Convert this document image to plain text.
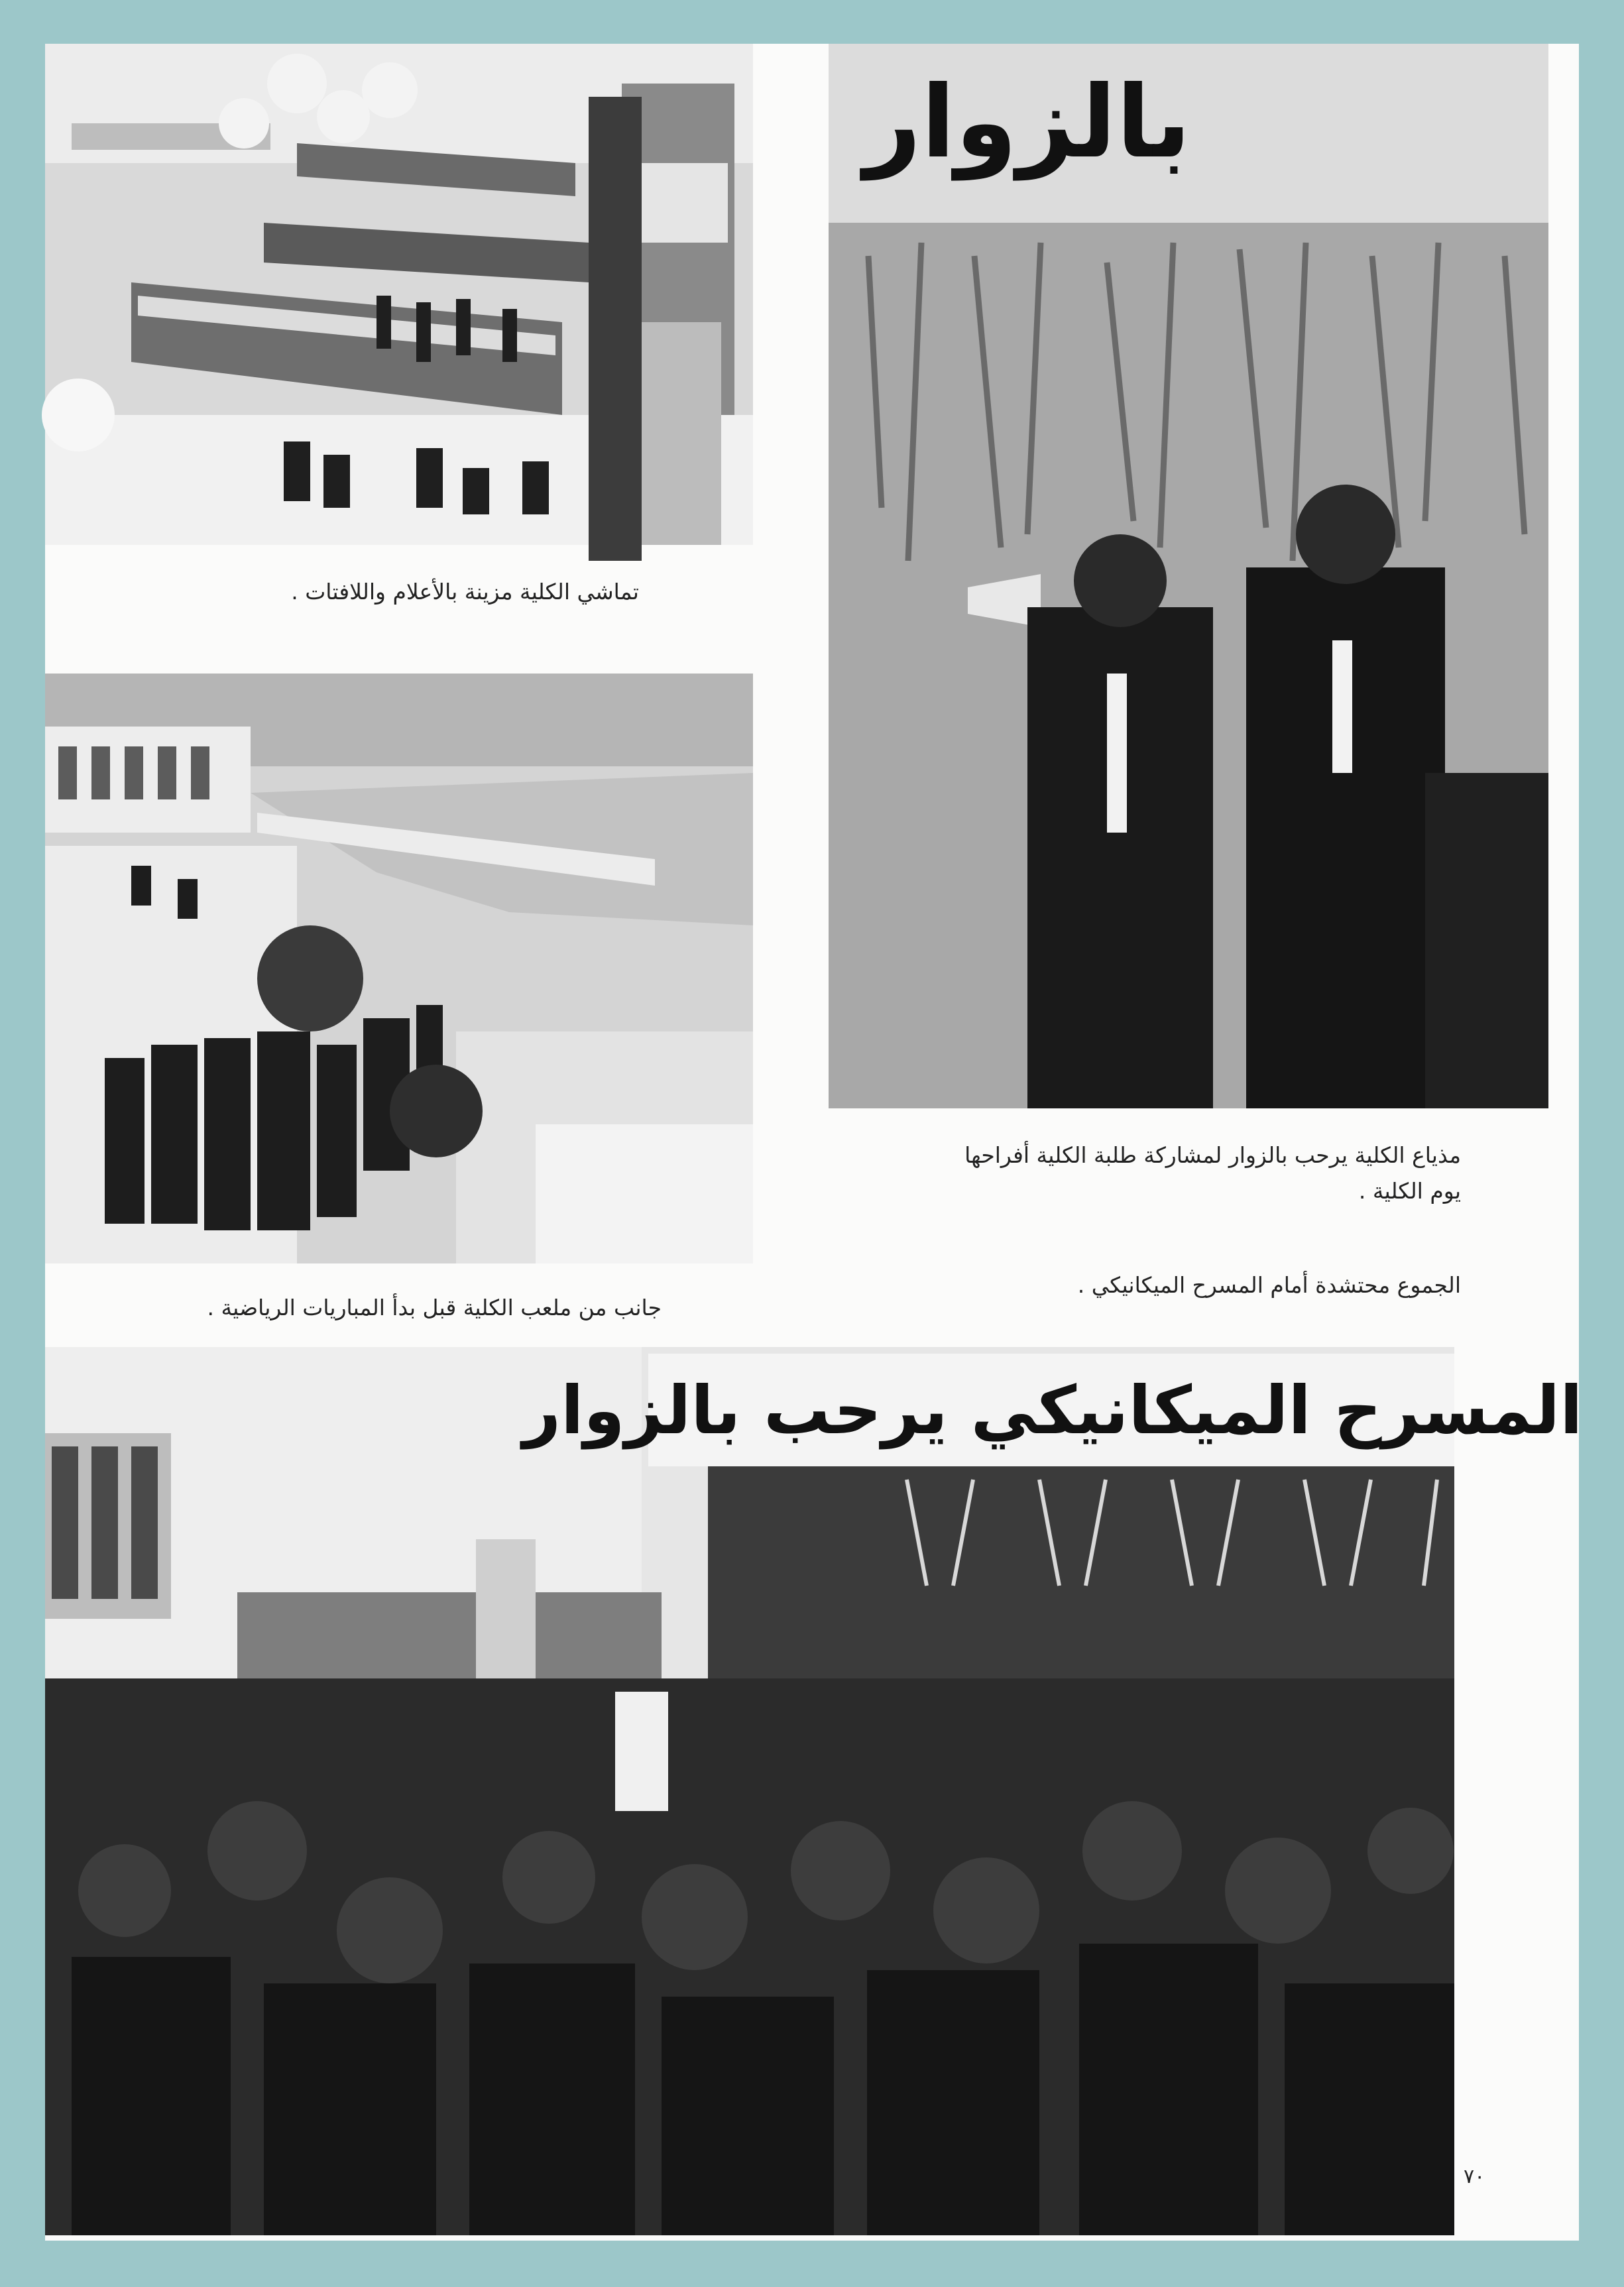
تماشي الكلية مزينة بالأعلام واللافتات .
جانب من ملعب الكلية قبل بدأ المباريات الرياضية .
بالزوار
مذياع الكلية يرحب بالزوار لمشاركة طلبة الكلية أفراحها
يوم الكلية .
الجموع محتشدة أمام المسرح الميكانيكي .
المسرح الميكانيكي يرحب بالزوار
٧٠
